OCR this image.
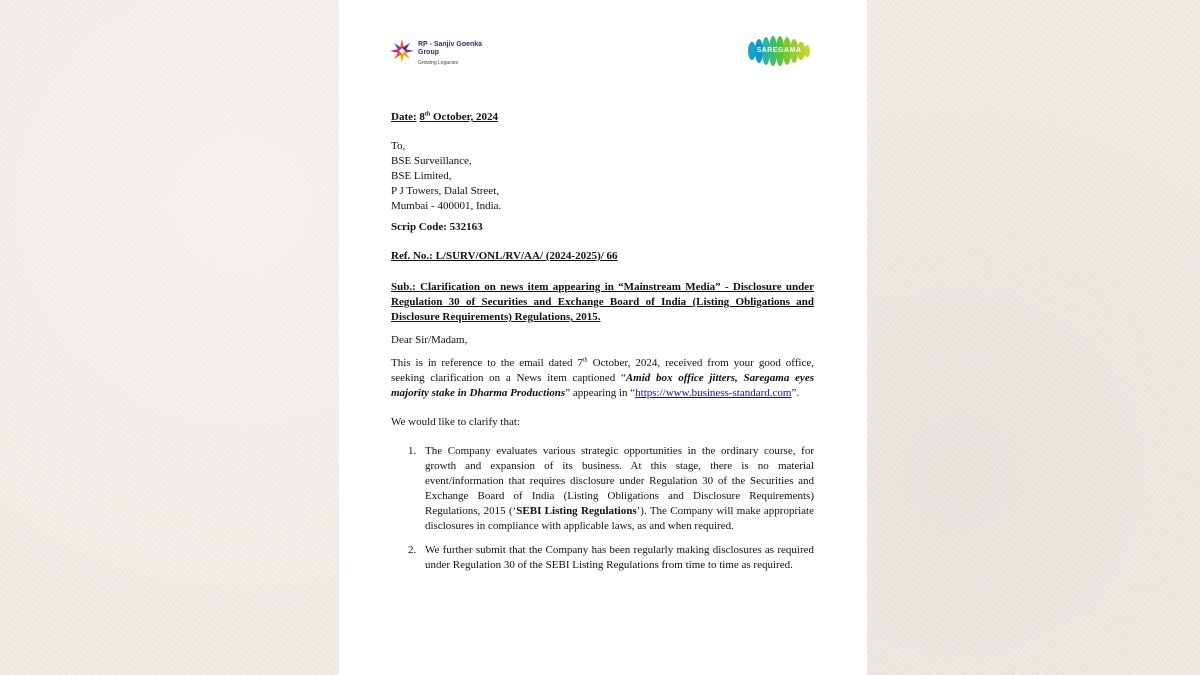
RP - Sanjiv Goenka Group
Growing Legacies
SAREGAMA

Date: 8th October, 2024

To,

BSE Surveillance,
BSE Limited,
P J Towers, Dalal Street,
Mumbai - 400001, India.

Scrip Code: 532163

Ref. No.: L/SURV/ONL/RV/AA/ (2024-2025)/ 66

Sub.: Clarification on news item appearing in “Mainstream Media” - Disclosure under Regulation 30 of Securities and Exchange Board of India (Listing Obligations and Disclosure Requirements) Regulations, 2015.

Dear Sir/Madam,

This is in reference to the email dated 7th October, 2024, received from your good office, seeking clarification on a News item captioned “Amid box office jitters, Saregama eyes majority stake in Dharma Productions” appearing in “https://www.business-standard.com”.

We would like to clarify that:

1. The Company evaluates various strategic opportunities in the ordinary course, for growth and expansion of its business. At this stage, there is no material event/information that requires disclosure under Regulation 30 of the Securities and Exchange Board of India (Listing Obligations and Disclosure Requirements) Regulations, 2015 (‘SEBI Listing Regulations’). The Company will make appropriate disclosures in compliance with applicable laws, as and when required.
2. We further submit that the Company has been regularly making disclosures as required under Regulation 30 of the SEBI Listing Regulations from time to time as required.
